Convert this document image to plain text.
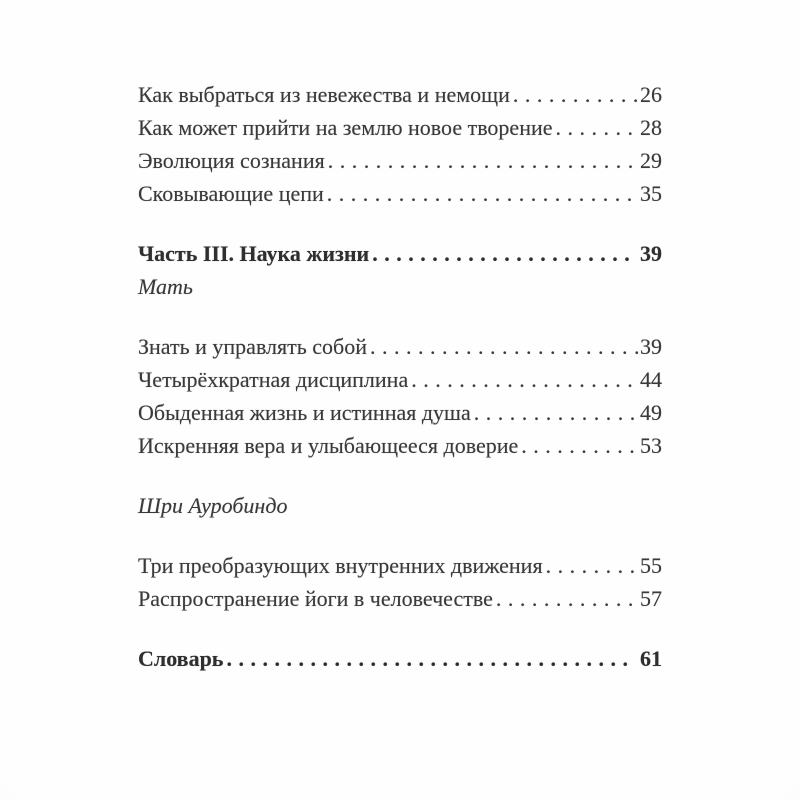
Как выбраться из невежества и немощи .....	26
Как может прийти на землю новое творение .....	28
Эволюция сознания .....	29
Сковывающие цепи .....	35
Часть III. Наука жизни .....	39
Мать
Знать и управлять собой .....	39
Четырёхкратная дисциплина .....	44
Обыденная жизнь и истинная душа .....	49
Искренняя вера и улыбающееся доверие .....	53
Шри Ауробиндо
Три преобразующих внутренних движения .....	55
Распространение йоги в человечестве .....	57
Словарь .....	61
